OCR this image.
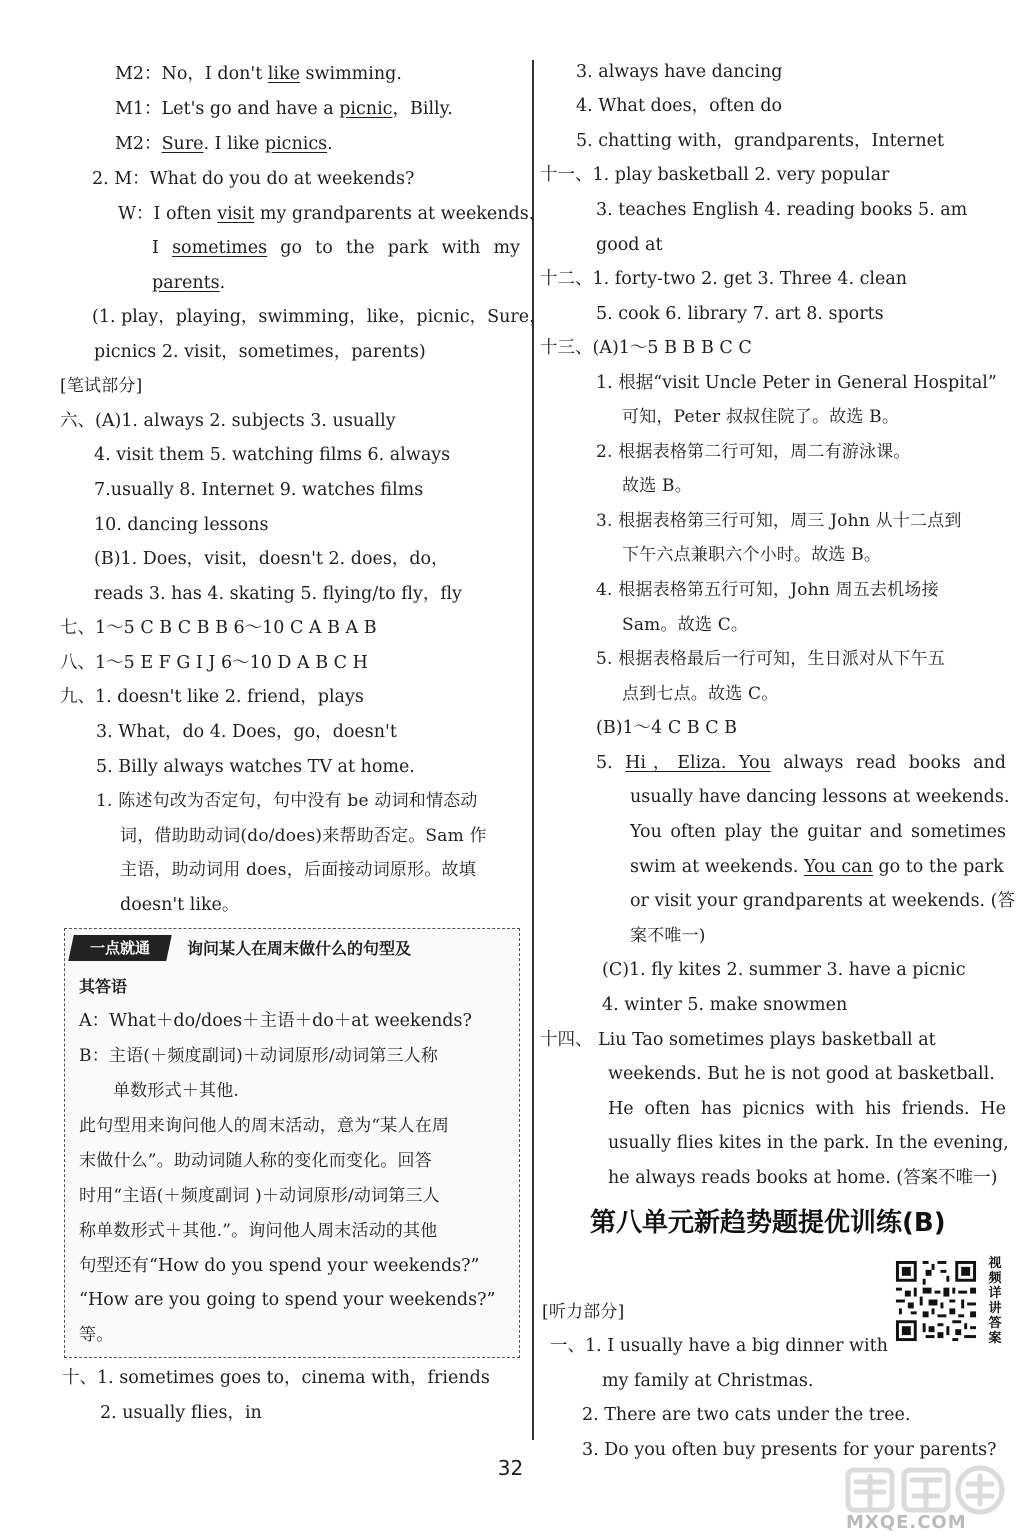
M2：No，I don't like swimming.
M1：Let's go and have a picnic，Billy.
M2：Sure. I like picnics.
2. M：What do you do at weekends?
W：I often visit my grandparents at weekends.
I sometimes go to the park with my
parents.
(1. play，playing，swimming，like，picnic，Sure，
picnics 2. visit，sometimes，parents)
[笔试部分]
六、(A)1. always 2. subjects 3. usually
4. visit them 5. watching films 6. always
7.usually 8. Internet 9. watches films
10. dancing lessons
(B)1. Does，visit，doesn't 2. does，do，
reads 3. has 4. skating 5. flying/to fly，fly
七、1～5 C B C B B 6～10 C A B A B
八、1～5 E F G I J 6～10 D A B C H
九、1. doesn't like 2. friend，plays
3. What，do 4. Does，go，doesn't
5. Billy always watches TV at home.
1. 陈述句改为否定句，句中没有 be 动词和情态动
词，借助助动词(do/does)来帮助否定。Sam 作
主语，助动词用 does，后面接动词原形。故填
doesn't like。
一点就通	询问某人在周末做什么的句型及
其答语
A：What＋do/does＋主语＋do＋at weekends?
B：主语(＋频度副词)＋动词原形/动词第三人称
单数形式＋其他.
此句型用来询问他人的周末活动，意为“某人在周
末做什么”。助动词随人称的变化而变化。回答
时用“主语(＋频度副词 )＋动词原形/动词第三人
称单数形式＋其他.”。询问他人周末活动的其他
句型还有“How do you spend your weekends?”
“How are you going to spend your weekends?”
等。
十、1. sometimes goes to，cinema with，friends
2. usually flies，in
3. always have dancing
4. What does，often do
5. chatting with，grandparents，Internet
十一、1. play basketball 2. very popular
3. teaches English 4. reading books 5. am
good at
十二、1. forty-two 2. get 3. Three 4. clean
5. cook 6. library 7. art 8. sports
十三、(A)1～5 B B B C C
1. 根据“visit Uncle Peter in General Hospital”
可知，Peter 叔叔住院了。故选 B。
2. 根据表格第二行可知，周二有游泳课。
故选 B。
3. 根据表格第三行可知，周三 John 从十二点到
下午六点兼职六个小时。故选 B。
4. 根据表格第五行可知，John 周五去机场接
Sam。故选 C。
5. 根据表格最后一行可知，生日派对从下午五
点到七点。故选 C。
(B)1～4 C B C B
5. Hi，Eliza. You always read books and
usually have dancing lessons at weekends.
You often play the guitar and sometimes
swim at weekends. You can go to the park
or visit your grandparents at weekends. (答
案不唯一)
(C)1. fly kites 2. summer 3. have a picnic
4. winter 5. make snowmen
十四、 Liu Tao sometimes plays basketball at
weekends. But he is not good at basketball.
He often has picnics with his friends. He
usually flies kites in the park. In the evening,
he always reads books at home. (答案不唯一)
[听力部分]
一、1. I usually have a big dinner with
my family at Christmas.
2. There are two cats under the tree.
3. Do you often buy presents for your parents?
第八单元新趋势题提优训练(B)
视频详讲答案
32
MXQE.COM
